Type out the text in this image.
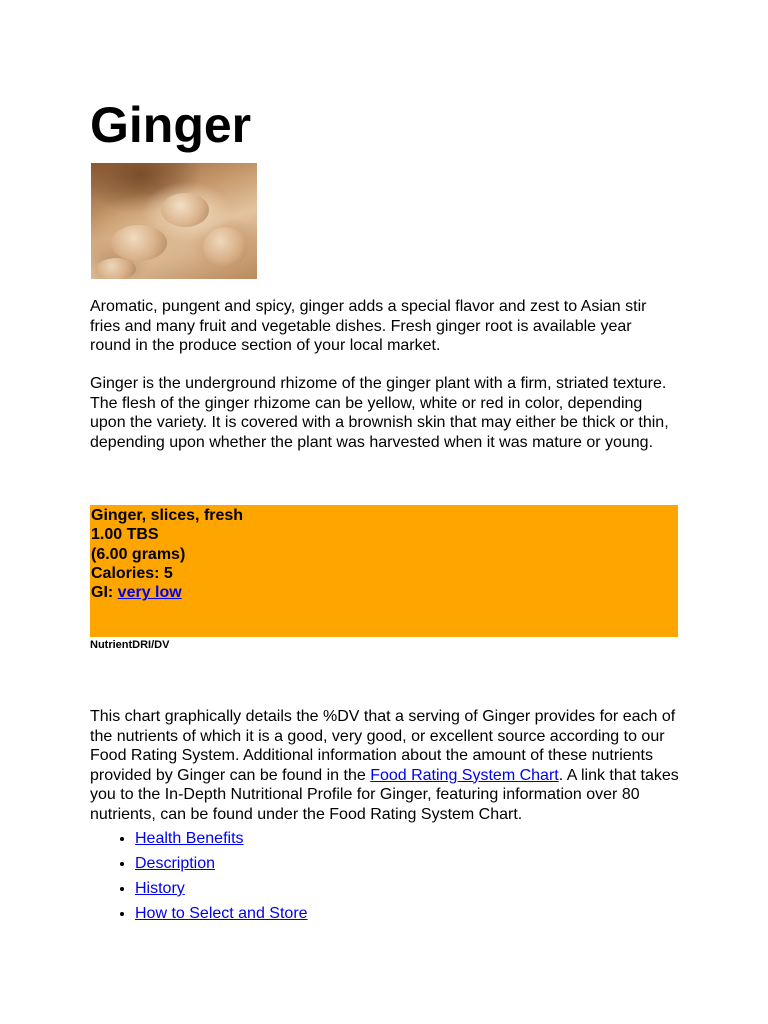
Ginger

Aromatic, pungent and spicy, ginger adds a special flavor and zest to Asian stir fries and many fruit and vegetable dishes. Fresh ginger root is available year round in the produce section of your local market.

Ginger is the underground rhizome of the ginger plant with a firm, striated texture. The flesh of the ginger rhizome can be yellow, white or red in color, depending upon the variety. It is covered with a brownish skin that may either be thick or thin, depending upon whether the plant was harvested when it was mature or young.

Ginger, slices, fresh
1.00 TBS
(6.00 grams)
Calories: 5
GI: very low
NutrientDRI/DV

This chart graphically details the %DV that a serving of Ginger provides for each of the nutrients of which it is a good, very good, or excellent source according to our Food Rating System. Additional information about the amount of these nutrients provided by Ginger can be found in the Food Rating System Chart. A link that takes you to the In-Depth Nutritional Profile for Ginger, featuring information over 80 nutrients, can be found under the Food Rating System Chart.

• Health Benefits
• Description
• History
• How to Select and Store
